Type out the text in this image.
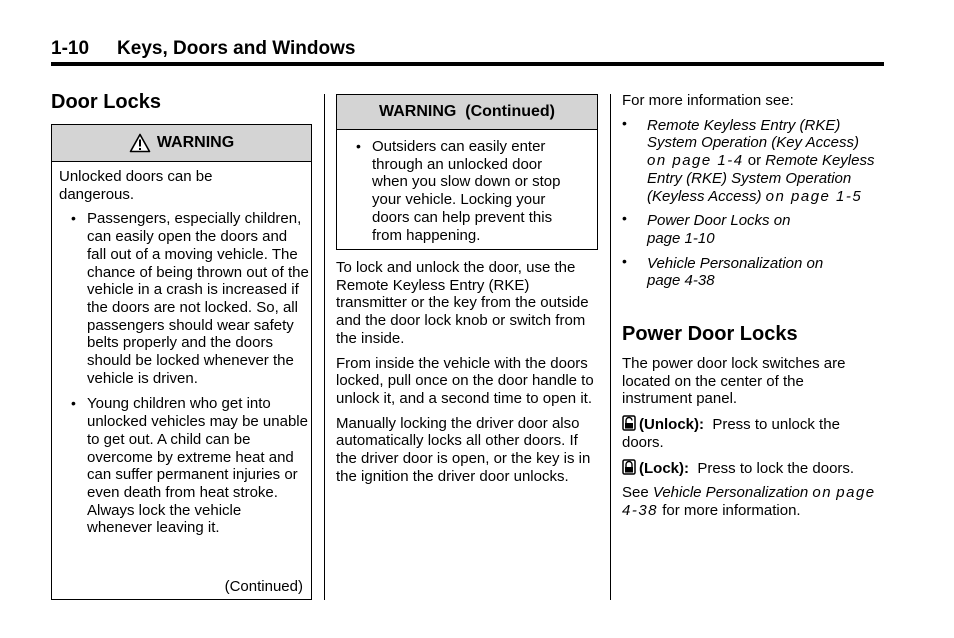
1-10 Keys, Doors and Windows
Door Locks
WARNING

Unlocked doors can be dangerous.

• Passengers, especially children, can easily open the doors and fall out of a moving vehicle. The chance of being thrown out of the vehicle in a crash is increased if the doors are not locked. So, all passengers should wear safety belts properly and the doors should be locked whenever the vehicle is driven.

• Young children who get into unlocked vehicles may be unable to get out. A child can be overcome by extreme heat and can suffer permanent injuries or even death from heat stroke. Always lock the vehicle whenever leaving it.

(Continued)
WARNING  (Continued)

• Outsiders can easily enter through an unlocked door when you slow down or stop your vehicle. Locking your doors can help prevent this from happening.

To lock and unlock the door, use the Remote Keyless Entry (RKE) transmitter or the key from the outside and the door lock knob or switch from the inside.

From inside the vehicle with the doors locked, pull once on the door handle to unlock it, and a second time to open it.

Manually locking the driver door also automatically locks all other doors. If the driver door is open, or the key is in the ignition the driver door unlocks.

For more information see:

• Remote Keyless Entry (RKE) System Operation (Key Access) on page 1-4 or Remote Keyless Entry (RKE) System Operation (Keyless Access) on page 1-5

• Power Door Locks on page 1-10

• Vehicle Personalization on page 4-38

Power Door Locks

The power door lock switches are located on the center of the instrument panel.

(Unlock): Press to unlock the doors.

(Lock): Press to lock the doors.

See Vehicle Personalization on page 4-38 for more information.
